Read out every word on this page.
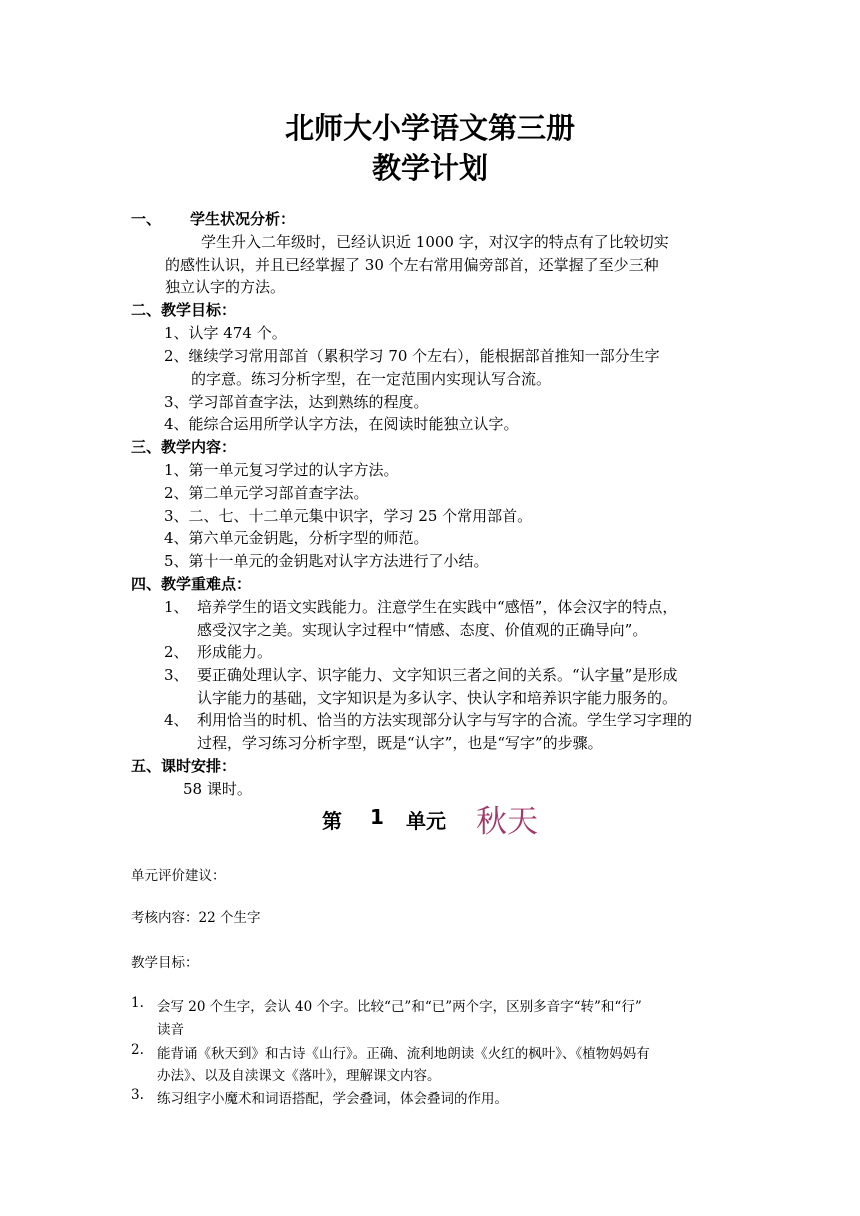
北师大小学语文第三册
教学计划
一、 学生状况分析：
学生升入二年级时，已经认识近 1000 字，对汉字的特点有了比较切实
的感性认识，并且已经掌握了 30 个左右常用偏旁部首，还掌握了至少三种
独立认字的方法。
二、教学目标：
1、认字 474 个。
2、继续学习常用部首（累积学习 70 个左右），能根据部首推知一部分生字
的字意。练习分析字型，在一定范围内实现认写合流。
3、学习部首查字法，达到熟练的程度。
4、能综合运用所学认字方法，在阅读时能独立认字。
三、教学内容：
1、第一单元复习学过的认字方法。
2、第二单元学习部首查字法。
3、二、七、十二单元集中识字，学习 25 个常用部首。
4、第六单元金钥匙，分析字型的师范。
5、第十一单元的金钥匙对认字方法进行了小结。
四、教学重难点：
1、 培养学生的语文实践能力。注意学生在实践中“感悟”，体会汉字的特点，
感受汉字之美。实现认字过程中“情感、态度、价值观的正确导向”。
2、 形成能力。
3、 要正确处理认字、识字能力、文字知识三者之间的关系。“认字量”是形成
认字能力的基础，文字知识是为多认字、快认字和培养识字能力服务的。
4、 利用恰当的时机、恰当的方法实现部分认字与写字的合流。学生学习字理的
过程，学习练习分析字型，既是“认字”，也是“写字”的步骤。
五、课时安排：
58 课时。
第 1 单元 秋天
单元评价建议：
考核内容：22 个生字
教学目标：
1. 会写 20 个生字，会认 40 个字。比较“己”和“已”两个字，区别多音字“转”和“行”
读音
2. 能背诵《秋天到》和古诗《山行》。正确、流利地朗读《火红的枫叶》、《植物妈妈有
办法》、以及自渎课文《落叶》，理解课文内容。
3. 练习组字小魔术和词语搭配，学会叠词，体会叠词的作用。
